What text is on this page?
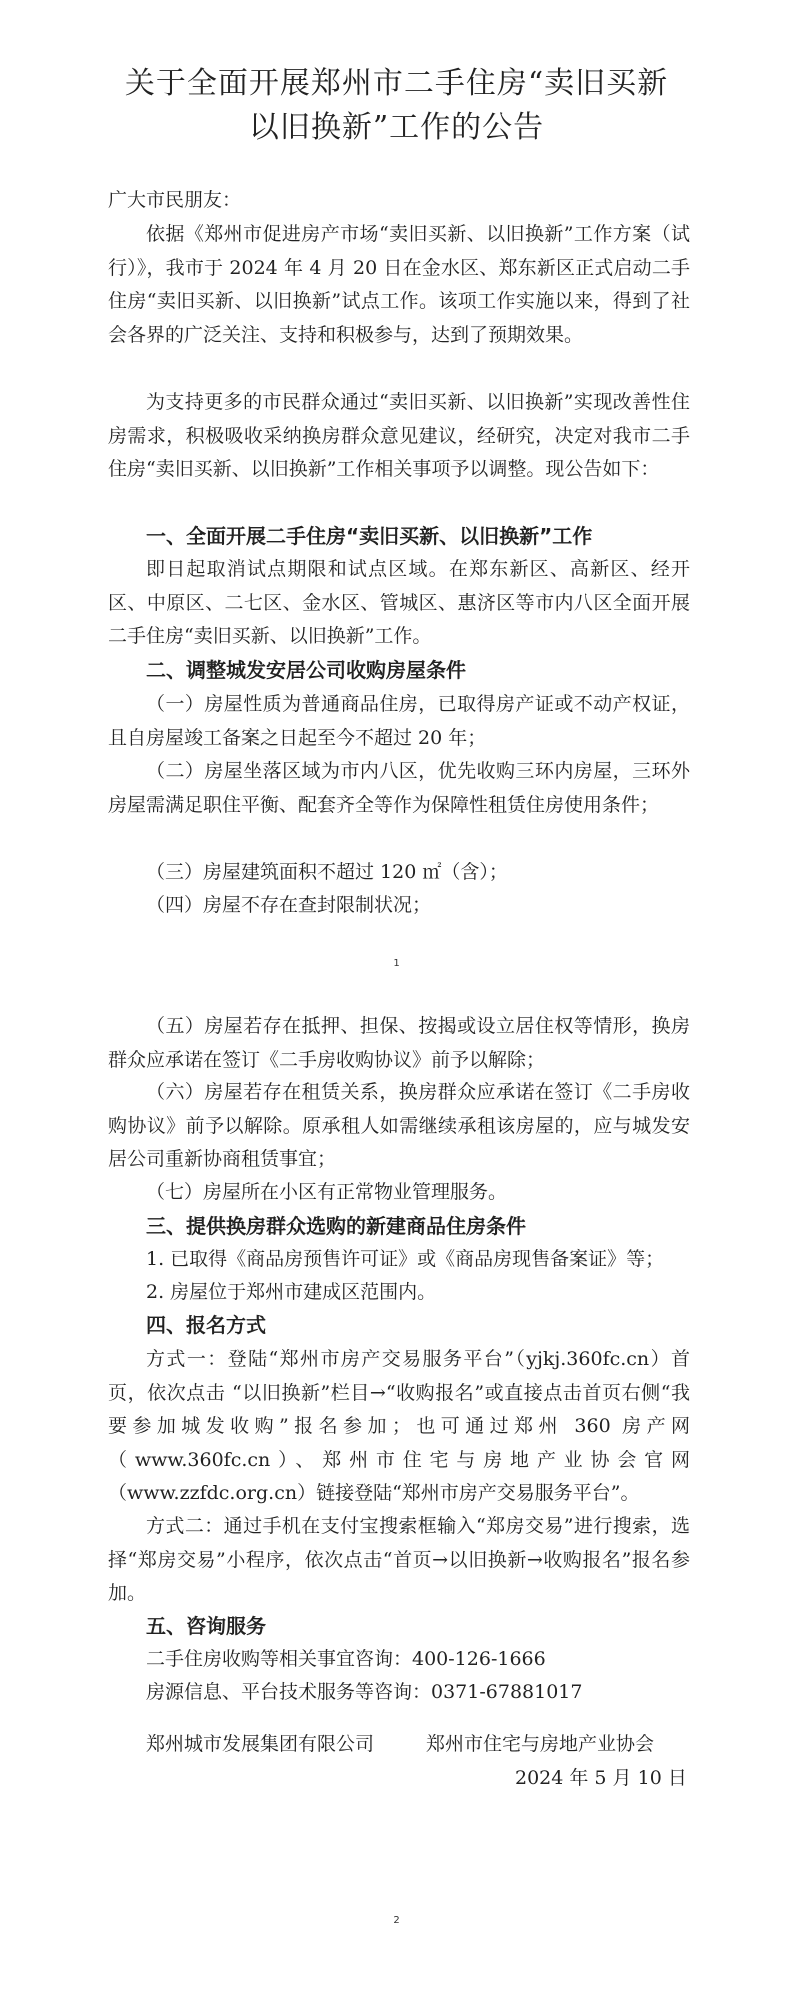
关于全面开展郑州市二手住房“卖旧买新
以旧换新”工作的公告
广大市民朋友：

依据《郑州市促进房产市场“卖旧买新、以旧换新”工作方案（试行）》，我市于 2024 年 4 月 20 日在金水区、郑东新区正式启动二手住房“卖旧买新、以旧换新”试点工作。该项工作实施以来，得到了社会各界的广泛关注、支持和积极参与，达到了预期效果。

为支持更多的市民群众通过“卖旧买新、以旧换新”实现改善性住房需求，积极吸收采纳换房群众意见建议，经研究，决定对我市二手住房“卖旧买新、以旧换新”工作相关事项予以调整。现公告如下：

一、全面开展二手住房“卖旧买新、以旧换新”工作

即日起取消试点期限和试点区域。在郑东新区、高新区、经开区、中原区、二七区、金水区、管城区、惠济区等市内八区全面开展二手住房“卖旧买新、以旧换新”工作。

二、调整城发安居公司收购房屋条件

（一）房屋性质为普通商品住房，已取得房产证或不动产权证，且自房屋竣工备案之日起至今不超过 20 年；

（二）房屋坐落区域为市内八区，优先收购三环内房屋，三环外房屋需满足职住平衡、配套齐全等作为保障性租赁住房使用条件；

（三）房屋建筑面积不超过 120 ㎡（含）；

（四）房屋不存在查封限制状况；

1

（五）房屋若存在抵押、担保、按揭或设立居住权等情形，换房群众应承诺在签订《二手房收购协议》前予以解除；

（六）房屋若存在租赁关系，换房群众应承诺在签订《二手房收购协议》前予以解除。原承租人如需继续承租该房屋的，应与城发安居公司重新协商租赁事宜；

（七）房屋所在小区有正常物业管理服务。

三、提供换房群众选购的新建商品住房条件
1. 已取得《商品房预售许可证》或《商品房现售备案证》等；
2. 房屋位于郑州市建成区范围内。
四、报名方式

方式一：登陆“郑州市房产交易服务平台”（yjkj.360fc.cn）首页，依次点击 “以旧换新”栏目→“收购报名”或直接点击首页右侧“我要参加城发收购”报名参加；也可通过郑州 360 房产网（www.360fc.cn）、郑州市住宅与房地产业协会官网（www.zzfdc.org.cn）链接登陆“郑州市房产交易服务平台”。

方式二：通过手机在支付宝搜索框输入“郑房交易”进行搜索，选择“郑房交易”小程序，依次点击“首页→以旧换新→收购报名”报名参加。

五、咨询服务
二手住房收购等相关事宜咨询：400-126-1666
房源信息、平台技术服务等咨询：0371-67881017
郑州城市发展集团有限公司	郑州市住宅与房地产业协会
2024 年 5 月 10 日
2
